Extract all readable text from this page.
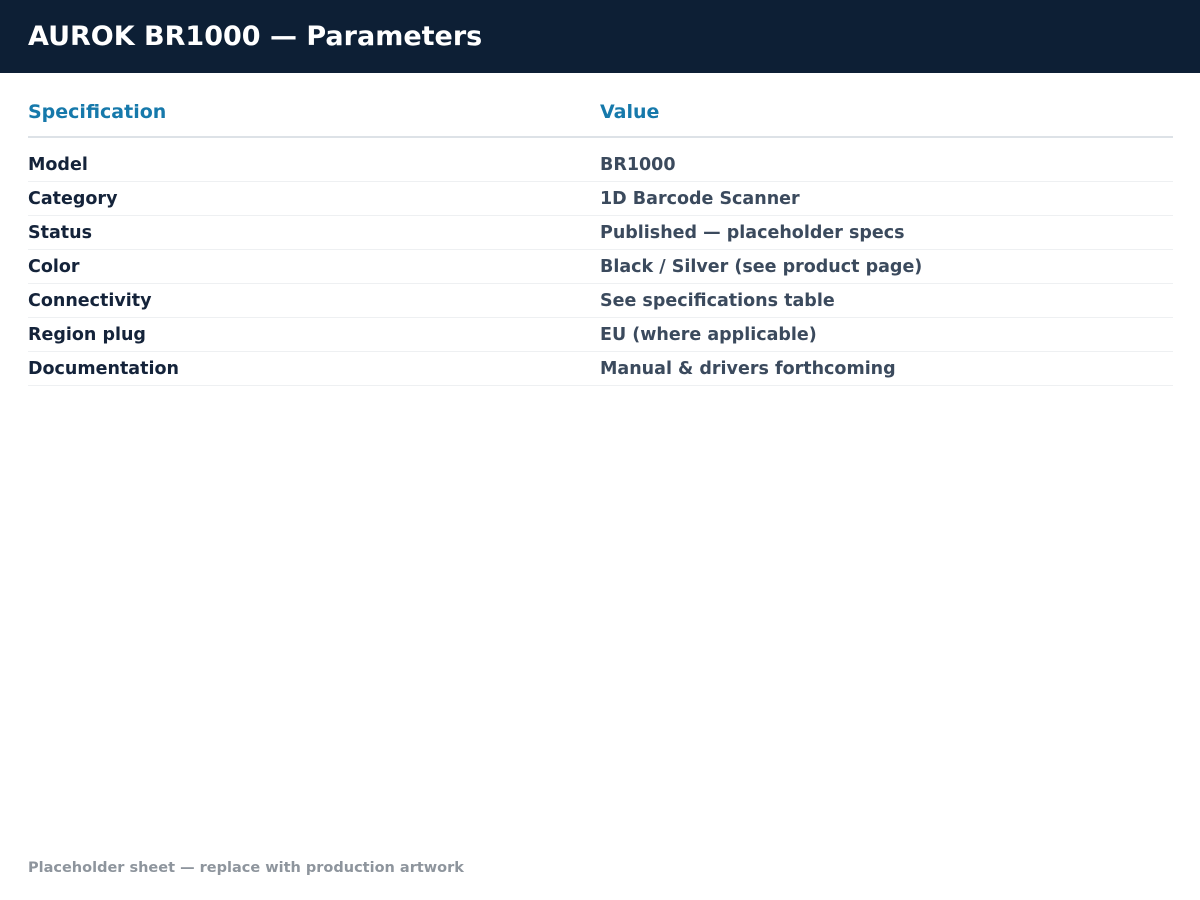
AUROK BR1000 — Parameters
Specification	Value
Model	BR1000
Category	1D Barcode Scanner
Status	Published — placeholder specs
Color	Black / Silver (see product page)
Connectivity	See specifications table
Region plug	EU (where applicable)
Documentation	Manual & drivers forthcoming
Placeholder sheet — replace with production artwork
